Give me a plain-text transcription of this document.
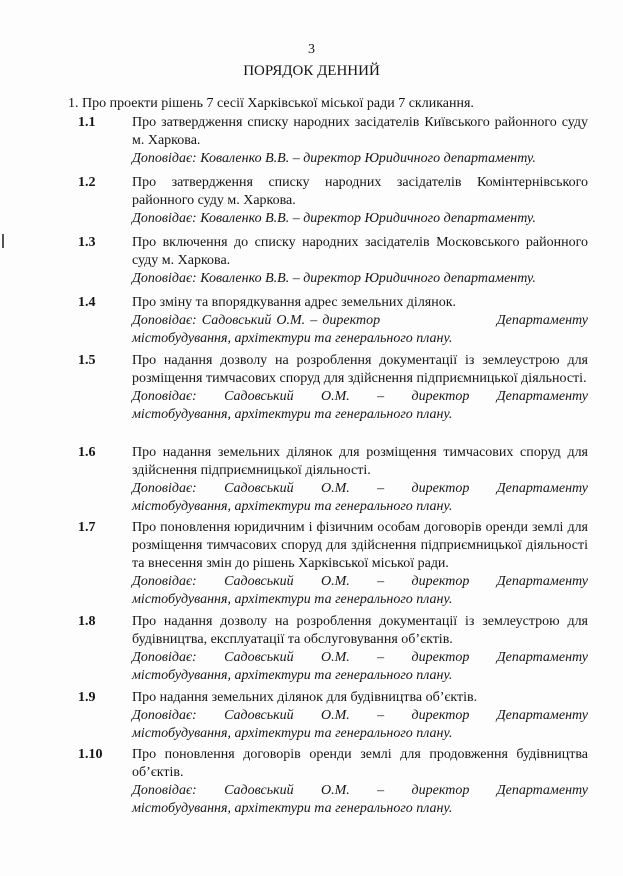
3
ПОРЯДОК ДЕННИЙ
1. Про проекти рішень 7 сесії Харківської міської ради 7 скликання.
1.1	Про затвердження списку народних засідателів Київського районного суду м. Харкова.
Доповідає: Коваленко В.В. – директор Юридичного департаменту.
1.2	Про затвердження списку народних засідателів Комінтернівського районного суду м. Харкова.
Доповідає: Коваленко В.В. – директор Юридичного департаменту.
1.3	Про включення до списку народних засідателів Московського районного суду м. Харкова.
Доповідає: Коваленко В.В. – директор Юридичного департаменту.
1.4	Про зміну та впорядкування адрес земельних ділянок.
Доповідає: Садовський О.М. – директор                       Департаменту
містобудування, архітектури та генерального плану.
1.5	Про надання дозволу на розроблення документації із землеустрою для розміщення тимчасових споруд для здійснення підприємницької діяльності.
Доповідає: Садовський О.М. – директор Департаменту
містобудування, архітектури та генерального плану.
1.6	Про надання земельних ділянок для розміщення тимчасових споруд для здійснення підприємницької діяльності.
Доповідає: Садовський О.М. – директор Департаменту
містобудування, архітектури та генерального плану.
1.7	Про поновлення юридичним і фізичним особам договорів оренди землі для розміщення тимчасових споруд для здійснення підприємницької діяльності та внесення змін до рішень Харківської міської ради.
Доповідає: Садовський О.М. – директор Департаменту
містобудування, архітектури та генерального плану.
1.8	Про надання дозволу на розроблення документації із землеустрою для будівництва, експлуатації та обслуговування об’єктів.
Доповідає: Садовський О.М. – директор Департаменту
містобудування, архітектури та генерального плану.
1.9	Про надання земельних ділянок для будівництва об’єктів.
Доповідає: Садовський О.М. – директор Департаменту
містобудування, архітектури та генерального плану.
1.10	Про поновлення договорів оренди землі для продовження будівництва об’єктів.
Доповідає: Садовський О.М. – директор Департаменту
містобудування, архітектури та генерального плану.
